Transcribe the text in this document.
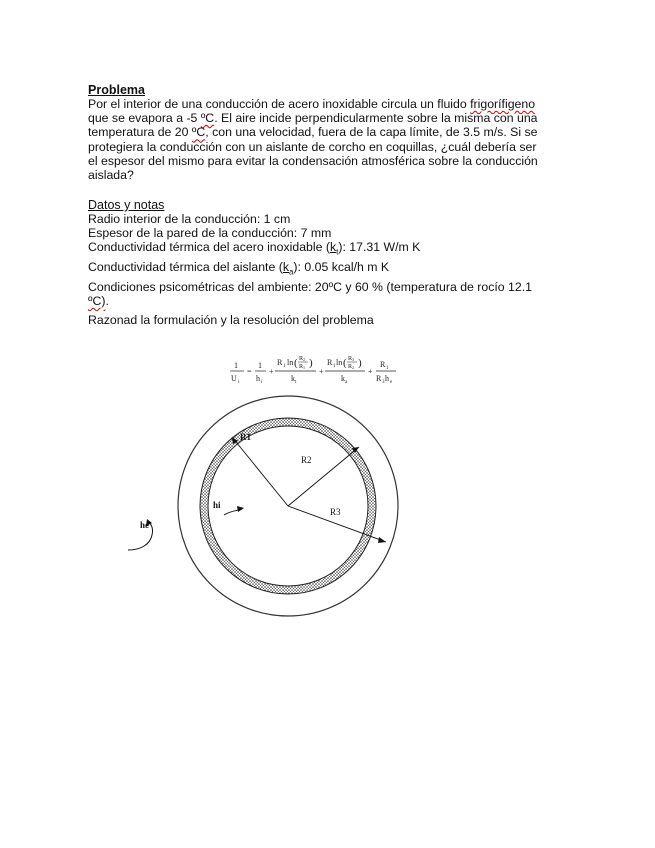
Problema
Por el interior de una conducción de acero inoxidable circula un fluido frigorífigeno
que se evapora a -5 ºC. El aire incide perpendicularmente sobre la misma con una
temperatura de 20 ºC, con una velocidad, fuera de la capa límite, de 3.5 m/s. Si se
protegiera la conducción con un aislante de corcho en coquillas, ¿cuál debería ser
el espesor del mismo para evitar la condensación atmosférica sobre la conducción
aislada?
Datos y notas
Radio interior de la conducción: 1 cm
Espesor de la pared de la conducción: 7 mm
Conductividad térmica del acero inoxidable $(k_t)$: 17.31 W/m K
Conductividad térmica del aislante $(k_a)$: 0.05 kcal/h m K
Condiciones psicométricas del ambiente: 20ºC y 60 % (temperatura de rocío 12.1
ºC).
Razonad la formulación y la resolución del problema
1
U i
=
1
h i
+
R 1 ln ( R 2
R 1 )
k t
+
R 1 ln ( R 3
R 2 )
k a
+
R 1
R 3 h e
R1
R2
R3
hi
he
